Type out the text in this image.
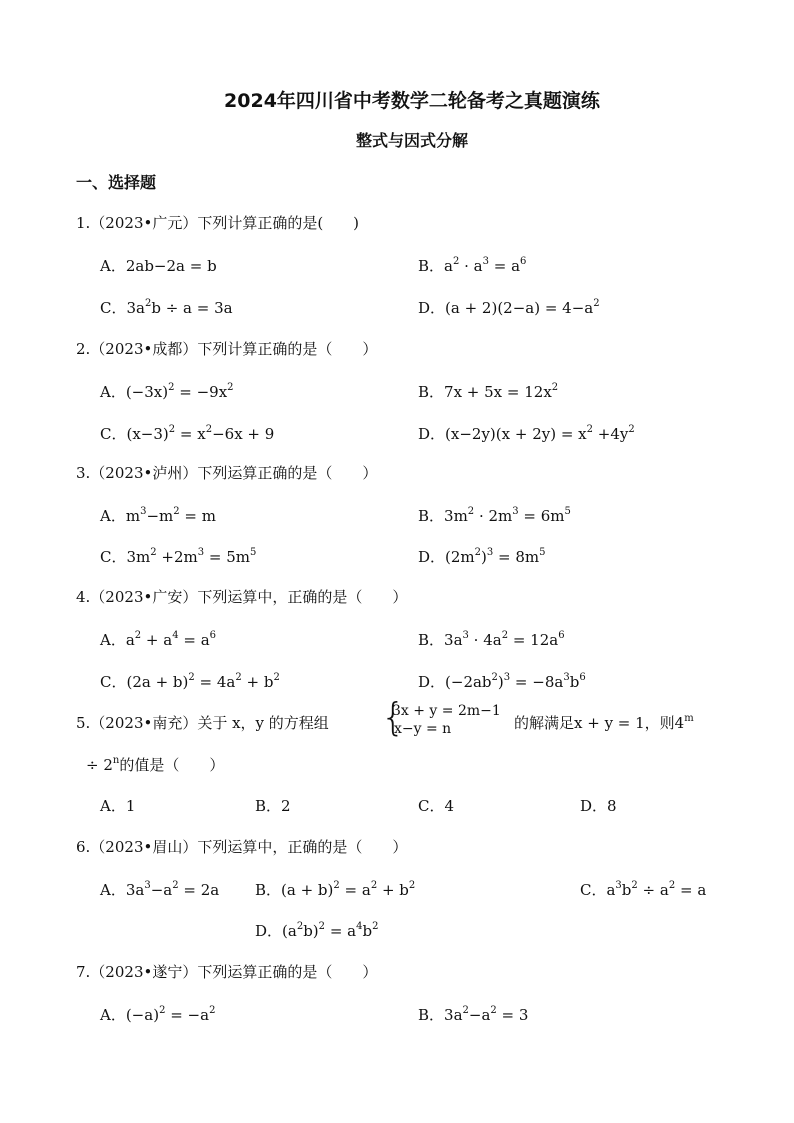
2024年四川省中考数学二轮备考之真题演练
整式与因式分解
一、选择题
1.（2023•广元）下列计算正确的是(　　)
A．2ab−2a = b	B．$a^2 \cdot a^3 = a^6$
C．$3a^2b \div a = 3a$	D．$(a + 2)(2-a) = 4-a^2$
2.（2023•成都）下列计算正确的是（　　）
A．$(-3x)^2 = -9x^2$	B．$7x + 5x = 12x^2$
C．$(x-3)^2 = x^2-6x + 9$	D．$(x-2y)(x + 2y) = x^2 +4y^2$
3.（2023•泸州）下列运算正确的是（　　）
A．$m^3-m^2 = m$	B．$3m^2 \cdot 2m^3 = 6m^5$
C．$3m^2 +2m^3 = 5m^5$	D．$(2m^2)^3 = 8m^5$
4.（2023•广安）下列运算中，正确的是（　　）
A．$a^2 + a^4 = a^6$	B．$3a^3 \cdot 4a^2 = 12a^6$
C．$(2a + b)^2 = 4a^2 + b^2$	D．$(-2ab^2)^3 = -8a^3b^6$
5.（2023•南充）关于 x，y 的方程组 {
3x + y = 2m−1
x−y = n	的解满足x + y = 1，则$4^m$
÷ $2^n$的值是（　　）
A．1	B．2	C．4	D．8
6.（2023•眉山）下列运算中，正确的是（　　）
A．$3a^3-a^2 = 2a$ B．$(a + b)^2 = a^2 + b^2$	C．$a^3b^2 \div a^2 = a$
D．$(a^2b)^2 = a^4b^2$
7.（2023•遂宁）下列运算正确的是（　　）
A．$(-a)^2 = -a^2$	B．$3a^2-a^2 = 3$
